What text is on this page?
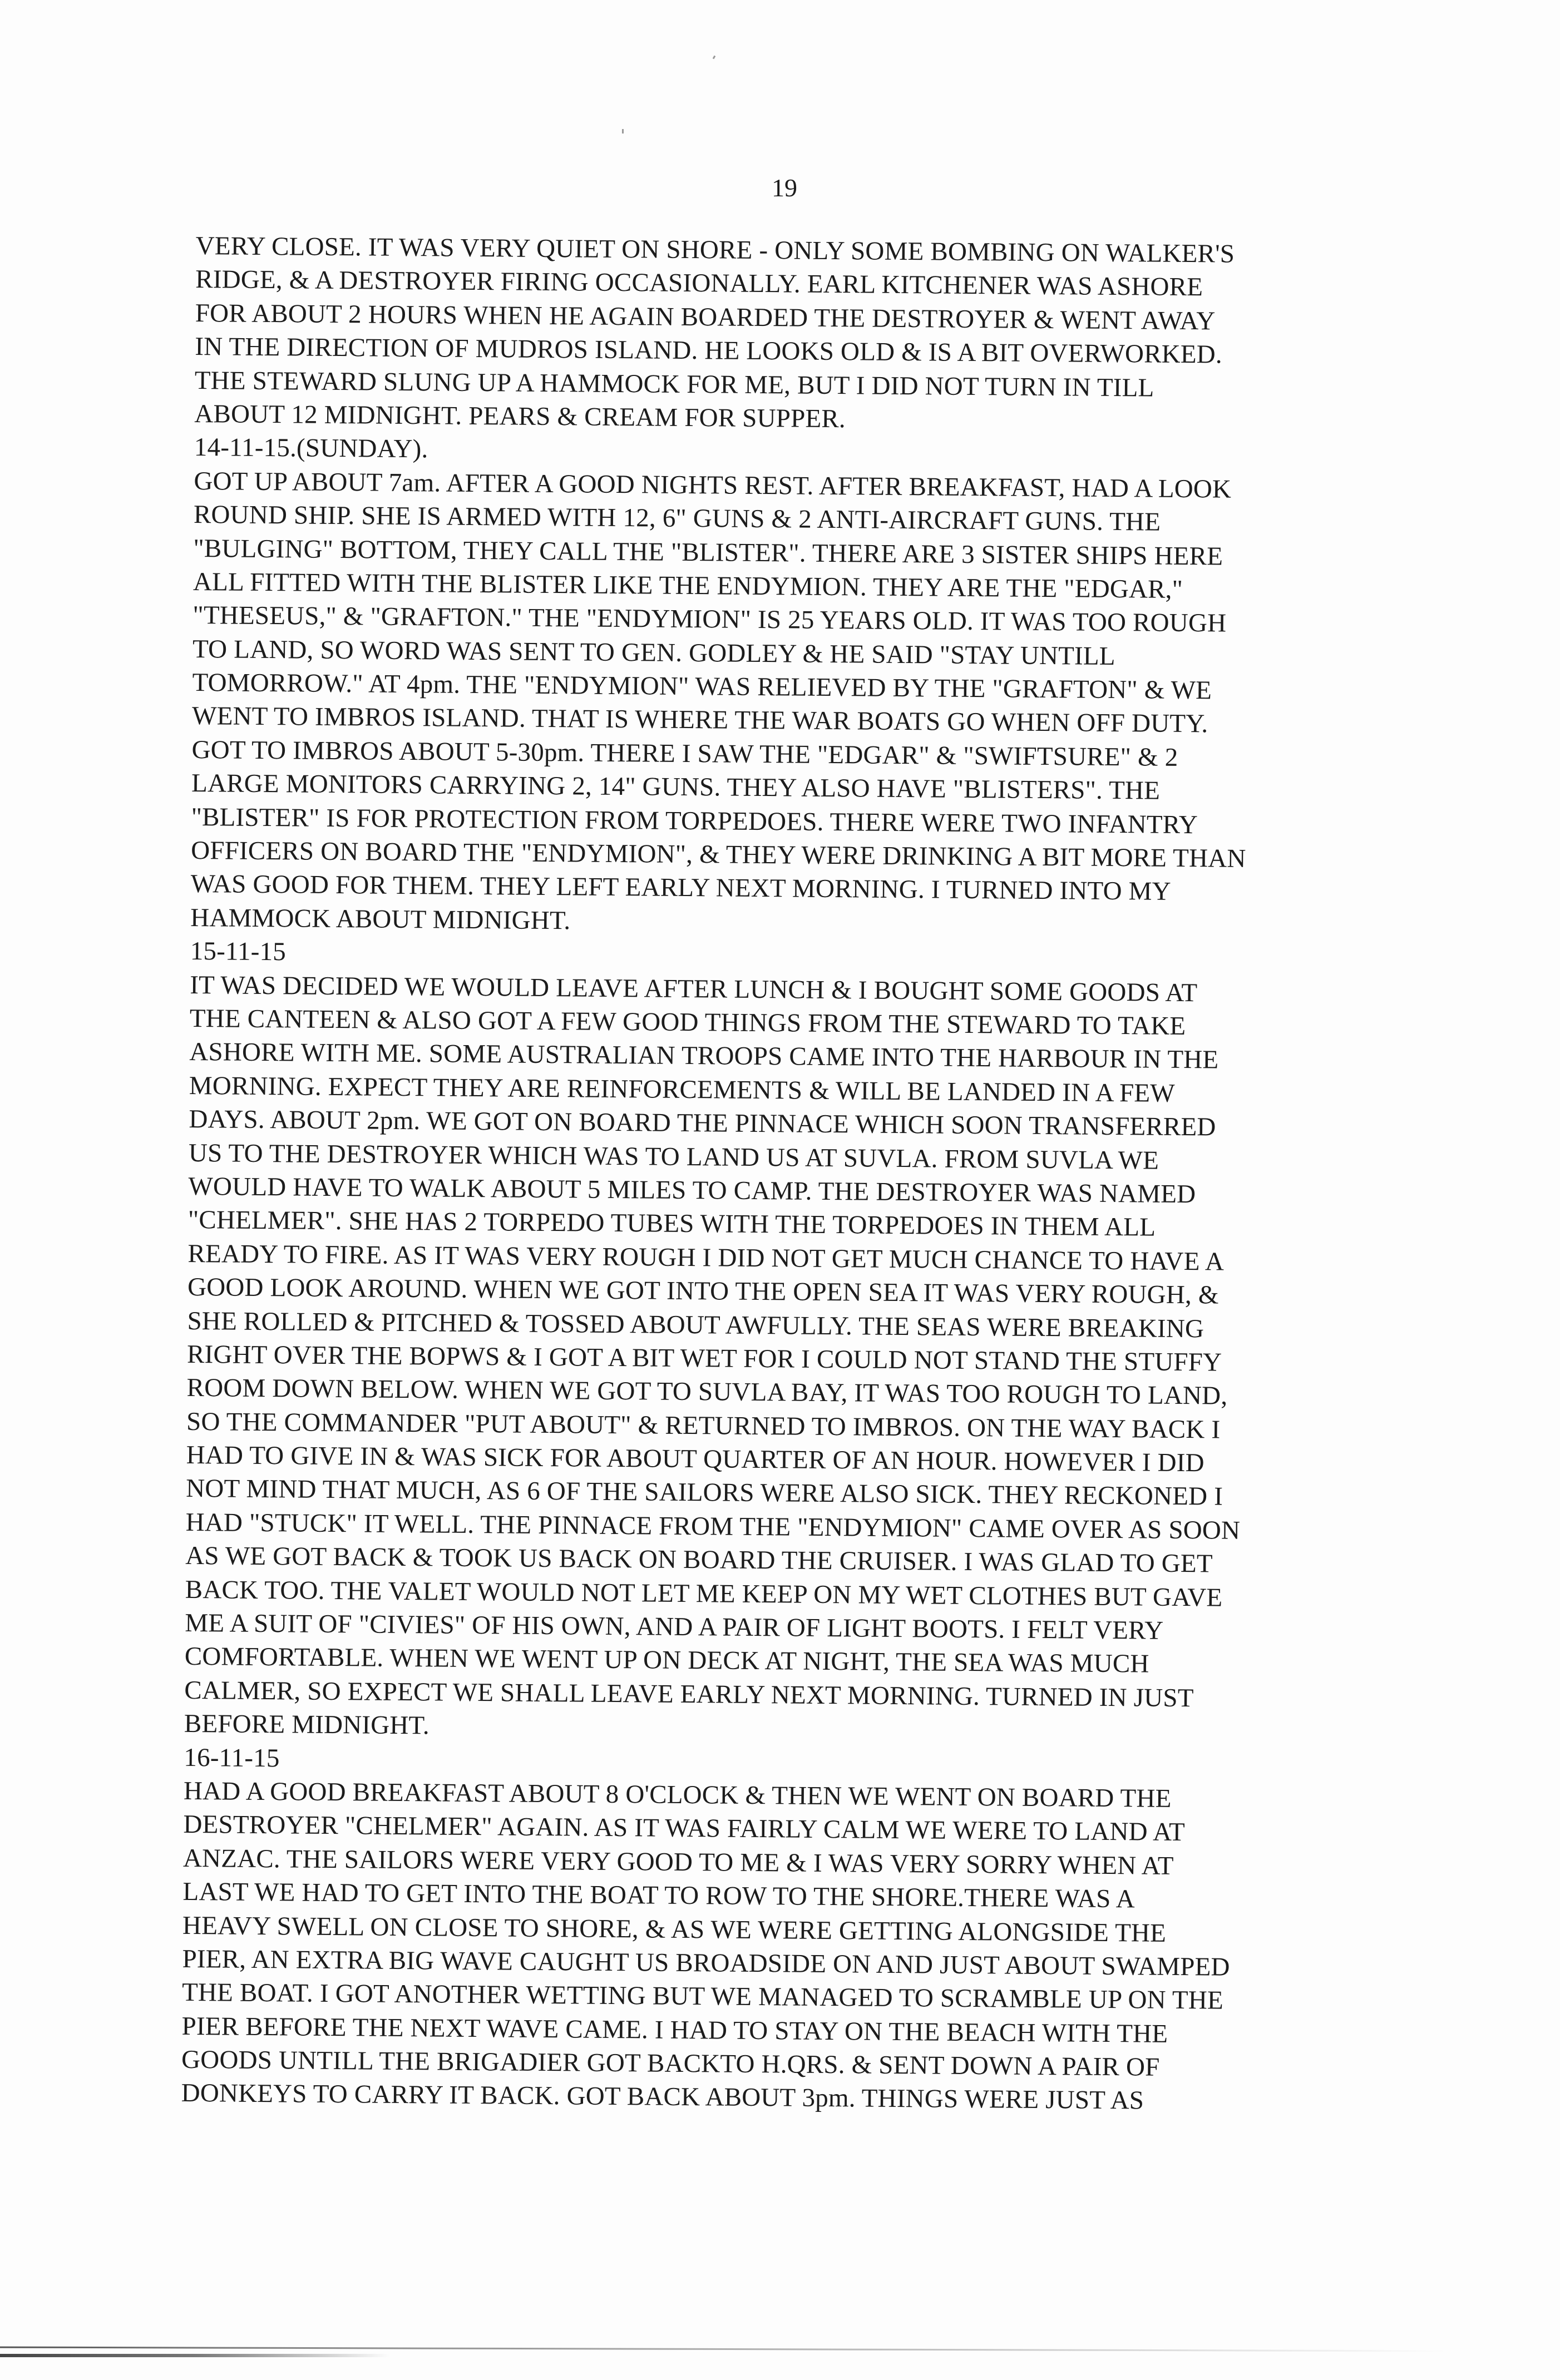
19
VERY CLOSE. IT WAS VERY QUIET ON SHORE - ONLY SOME BOMBING ON WALKER'S
RIDGE, & A DESTROYER FIRING OCCASIONALLY. EARL KITCHENER WAS ASHORE
FOR ABOUT 2 HOURS WHEN HE AGAIN BOARDED THE DESTROYER & WENT AWAY
IN THE DIRECTION OF MUDROS ISLAND. HE LOOKS OLD & IS A BIT OVERWORKED.
THE STEWARD SLUNG UP A HAMMOCK FOR ME, BUT I DID NOT TURN IN TILL
ABOUT 12 MIDNIGHT. PEARS & CREAM FOR SUPPER.
14-11-15.(SUNDAY).
GOT UP ABOUT 7am. AFTER A GOOD NIGHTS REST. AFTER BREAKFAST, HAD A LOOK
ROUND SHIP. SHE IS ARMED WITH 12, 6" GUNS & 2 ANTI-AIRCRAFT GUNS. THE
"BULGING" BOTTOM, THEY CALL THE "BLISTER". THERE ARE 3 SISTER SHIPS HERE
ALL FITTED WITH THE BLISTER LIKE THE ENDYMION. THEY ARE THE "EDGAR,"
"THESEUS," & "GRAFTON." THE "ENDYMION" IS 25 YEARS OLD. IT WAS TOO ROUGH
TO LAND, SO WORD WAS SENT TO GEN. GODLEY & HE SAID "STAY UNTILL
TOMORROW." AT 4pm. THE "ENDYMION" WAS RELIEVED BY THE "GRAFTON" & WE
WENT TO IMBROS ISLAND. THAT IS WHERE THE WAR BOATS GO WHEN OFF DUTY.
GOT TO IMBROS ABOUT 5-30pm. THERE I SAW THE "EDGAR" & "SWIFTSURE" & 2
LARGE MONITORS CARRYING 2, 14" GUNS. THEY ALSO HAVE "BLISTERS". THE
"BLISTER" IS FOR PROTECTION FROM TORPEDOES. THERE WERE TWO INFANTRY
OFFICERS ON BOARD THE "ENDYMION", & THEY WERE DRINKING A BIT MORE THAN
WAS GOOD FOR THEM. THEY LEFT EARLY NEXT MORNING. I TURNED INTO MY
HAMMOCK ABOUT MIDNIGHT.
15-11-15
IT WAS DECIDED WE WOULD LEAVE AFTER LUNCH & I BOUGHT SOME GOODS AT
THE CANTEEN & ALSO GOT A FEW GOOD THINGS FROM THE STEWARD TO TAKE
ASHORE WITH ME. SOME AUSTRALIAN TROOPS CAME INTO THE HARBOUR IN THE
MORNING. EXPECT THEY ARE REINFORCEMENTS & WILL BE LANDED IN A FEW
DAYS. ABOUT 2pm. WE GOT ON BOARD THE PINNACE WHICH SOON TRANSFERRED
US TO THE DESTROYER WHICH WAS TO LAND US AT SUVLA. FROM SUVLA WE
WOULD HAVE TO WALK ABOUT 5 MILES TO CAMP. THE DESTROYER WAS NAMED
"CHELMER". SHE HAS 2 TORPEDO TUBES WITH THE TORPEDOES IN THEM ALL
READY TO FIRE. AS IT WAS VERY ROUGH I DID NOT GET MUCH CHANCE TO HAVE A
GOOD LOOK AROUND. WHEN WE GOT INTO THE OPEN SEA IT WAS VERY ROUGH, &
SHE ROLLED & PITCHED & TOSSED ABOUT AWFULLY. THE SEAS WERE BREAKING
RIGHT OVER THE BOPWS & I GOT A BIT WET FOR I COULD NOT STAND THE STUFFY
ROOM DOWN BELOW. WHEN WE GOT TO SUVLA BAY, IT WAS TOO ROUGH TO LAND,
SO THE COMMANDER "PUT ABOUT" & RETURNED TO IMBROS. ON THE WAY BACK I
HAD TO GIVE IN & WAS SICK FOR ABOUT QUARTER OF AN HOUR. HOWEVER I DID
NOT MIND THAT MUCH, AS 6 OF THE SAILORS WERE ALSO SICK. THEY RECKONED I
HAD "STUCK" IT WELL. THE PINNACE FROM THE "ENDYMION" CAME OVER AS SOON
AS WE GOT BACK & TOOK US BACK ON BOARD THE CRUISER. I WAS GLAD TO GET
BACK TOO. THE VALET WOULD NOT LET ME KEEP ON MY WET CLOTHES BUT GAVE
ME A SUIT OF "CIVIES" OF HIS OWN, AND A PAIR OF LIGHT BOOTS. I FELT VERY
COMFORTABLE. WHEN WE WENT UP ON DECK AT NIGHT, THE SEA WAS MUCH
CALMER, SO EXPECT WE SHALL LEAVE EARLY NEXT MORNING. TURNED IN JUST
BEFORE MIDNIGHT.
16-11-15
HAD A GOOD BREAKFAST ABOUT 8 O'CLOCK & THEN WE WENT ON BOARD THE
DESTROYER "CHELMER" AGAIN. AS IT WAS FAIRLY CALM WE WERE TO LAND AT
ANZAC. THE SAILORS WERE VERY GOOD TO ME & I WAS VERY SORRY WHEN AT
LAST WE HAD TO GET INTO THE BOAT TO ROW TO THE SHORE.THERE WAS A
HEAVY SWELL ON CLOSE TO SHORE, & AS WE WERE GETTING ALONGSIDE THE
PIER, AN EXTRA BIG WAVE CAUGHT US BROADSIDE ON AND JUST ABOUT SWAMPED
THE BOAT. I GOT ANOTHER WETTING BUT WE MANAGED TO SCRAMBLE UP ON THE
PIER BEFORE THE NEXT WAVE CAME. I HAD TO STAY ON THE BEACH WITH THE
GOODS UNTILL THE BRIGADIER GOT BACKTO H.QRS. & SENT DOWN A PAIR OF
DONKEYS TO CARRY IT BACK. GOT BACK ABOUT 3pm. THINGS WERE JUST AS
